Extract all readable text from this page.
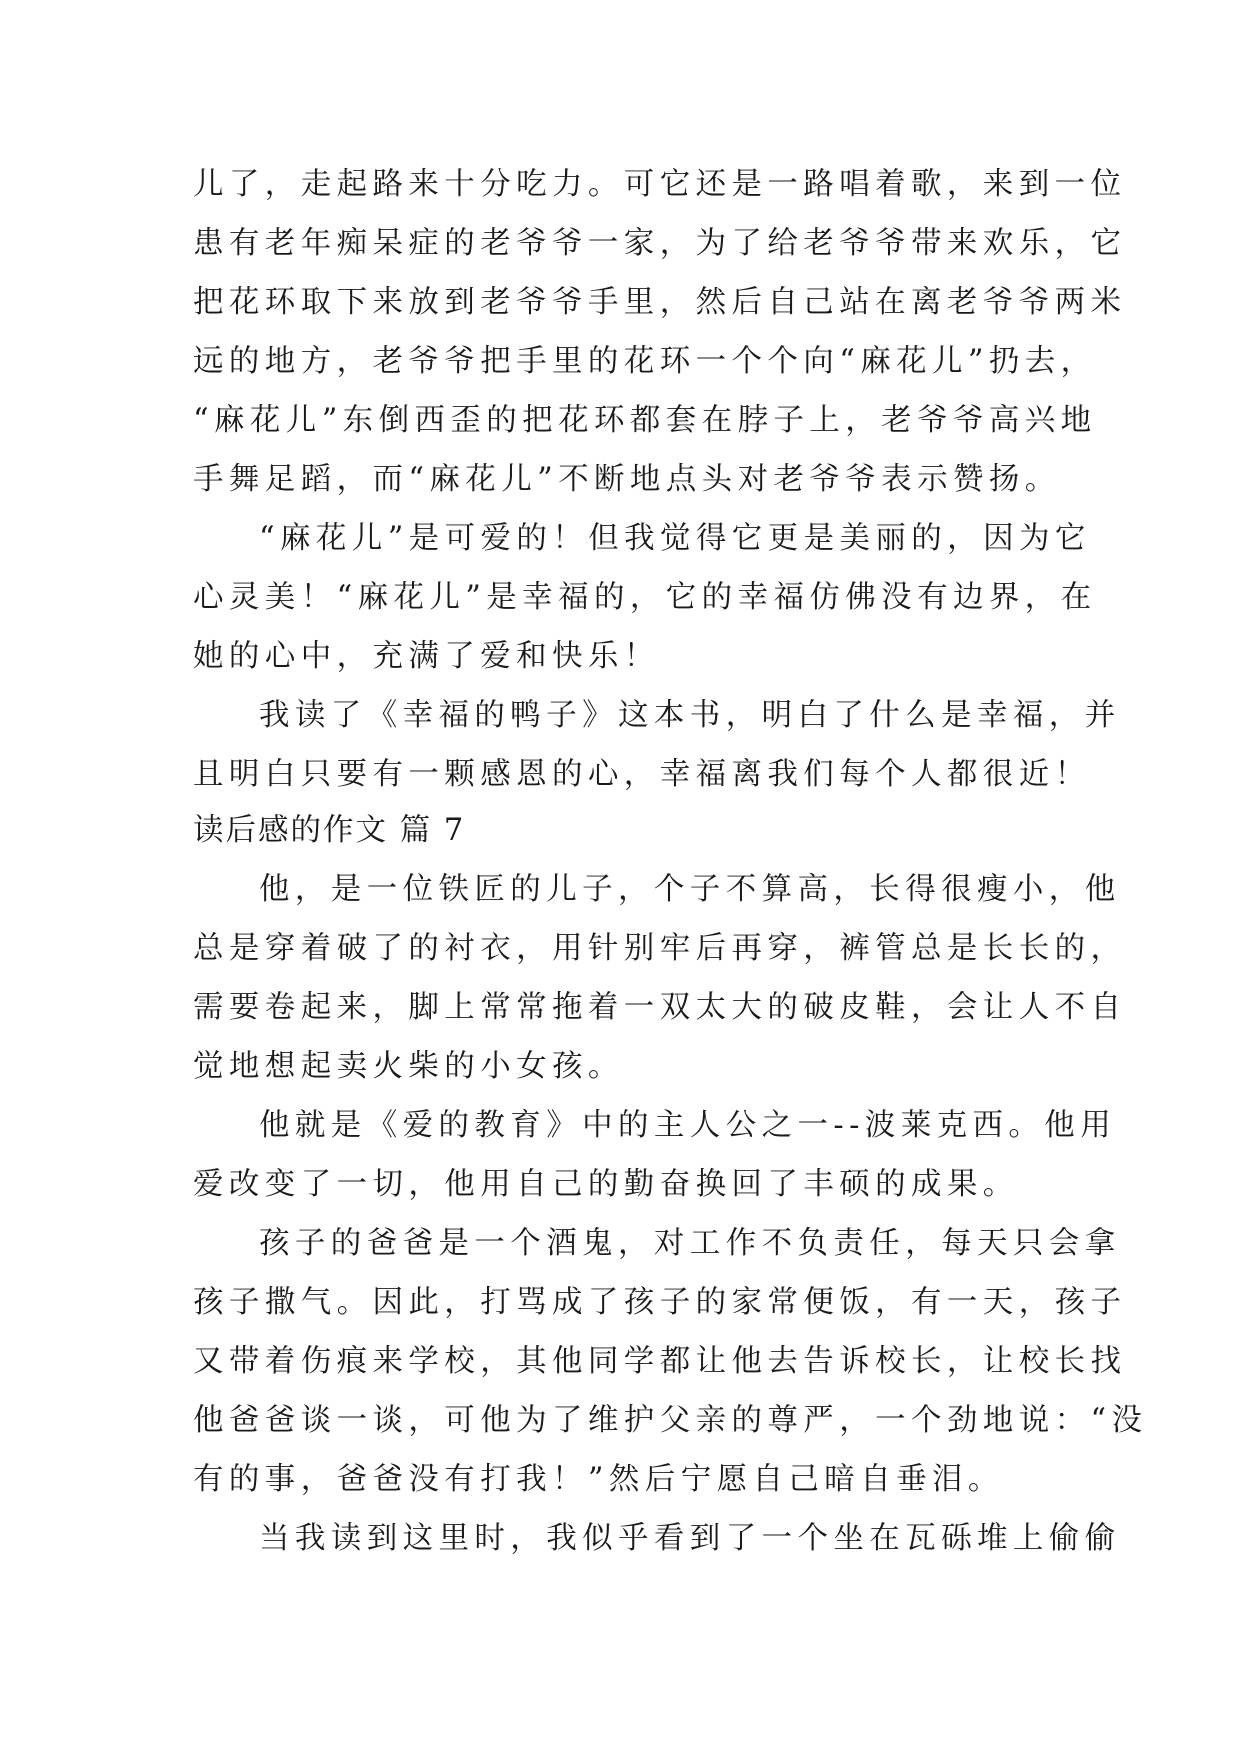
儿了，走起路来十分吃力。可它还是一路唱着歌，来到一位
患有老年痴呆症的老爷爷一家，为了给老爷爷带来欢乐，它
把花环取下来放到老爷爷手里，然后自己站在离老爷爷两米
远的地方，老爷爷把手里的花环一个个向“麻花儿”扔去，
“麻花儿”东倒西歪的把花环都套在脖子上，老爷爷高兴地
手舞足蹈，而“麻花儿”不断地点头对老爷爷表示赞扬。
“麻花儿”是可爱的！但我觉得它更是美丽的，因为它
心灵美！“麻花儿”是幸福的，它的幸福仿佛没有边界，在
她的心中，充满了爱和快乐！
我读了《幸福的鸭子》这本书，明白了什么是幸福，并
且明白只要有一颗感恩的心，幸福离我们每个人都很近！
读后感的作文 篇 7
他，是一位铁匠的儿子，个子不算高，长得很瘦小，他
总是穿着破了的衬衣，用针别牢后再穿，裤管总是长长的，
需要卷起来，脚上常常拖着一双太大的破皮鞋，会让人不自
觉地想起卖火柴的小女孩。
他就是《爱的教育》中的主人公之一--波莱克西。他用
爱改变了一切，他用自己的勤奋换回了丰硕的成果。
孩子的爸爸是一个酒鬼，对工作不负责任，每天只会拿
孩子撒气。因此，打骂成了孩子的家常便饭，有一天，孩子
又带着伤痕来学校，其他同学都让他去告诉校长，让校长找
他爸爸谈一谈，可他为了维护父亲的尊严，一个劲地说：“没
有的事，爸爸没有打我！”然后宁愿自己暗自垂泪。
当我读到这里时，我似乎看到了一个坐在瓦砾堆上偷偷
